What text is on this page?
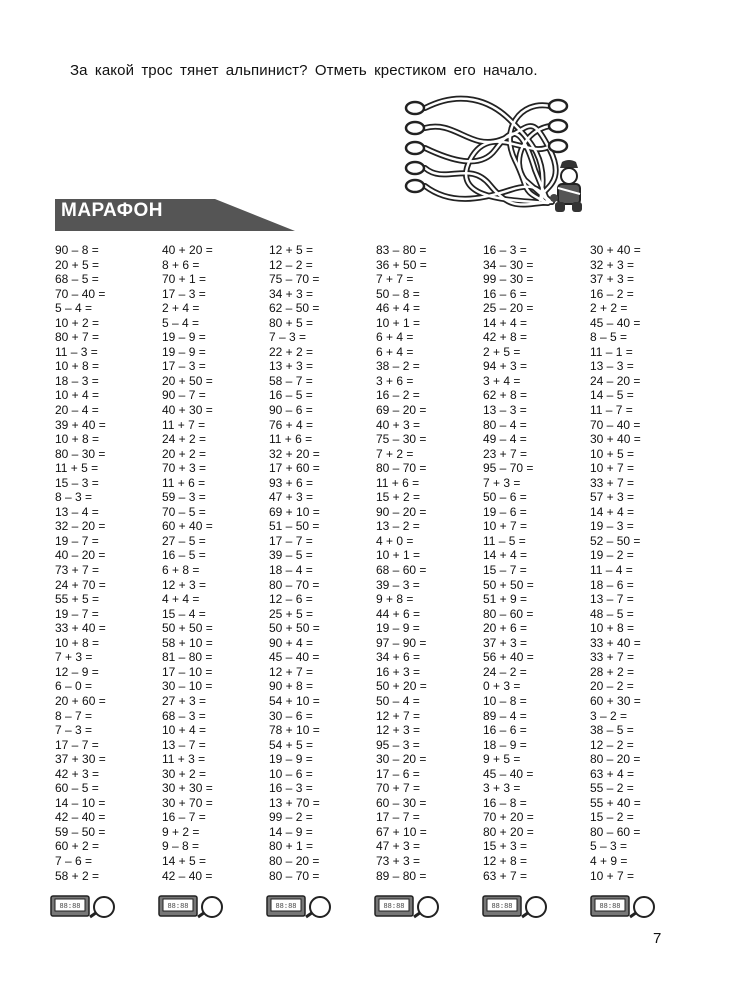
За какой трос тянет альпинист? Отметь крестиком его начало.
МАРАФОН
90 – 8 =
20 + 5 =
68 – 5 =
70 – 40 =
5 – 4 =
10 + 2 =
80 + 7 =
11 – 3 =
10 + 8 =
18 – 3 =
10 + 4 =
20 – 4 =
39 + 40 =
10 + 8 =
80 – 30 =
11 + 5 =
15 – 3 =
8 – 3 =
13 – 4 =
32 – 20 =
19 – 7 =
40 – 20 =
73 + 7 =
24 + 70 =
55 + 5 =
19 – 7 =
33 + 40 =
10 + 8 =
7 + 3 =
12 – 9 =
6 – 0 =
20 + 60 =
8 – 7 =
7 – 3 =
17 – 7 =
37 + 30 =
42 + 3 =
60 – 5 =
14 – 10 =
42 – 40 =
59 – 50 =
60 + 2 =
7 – 6 =
58 + 2 =
40 + 20 =
8 + 6 =
70 + 1 =
17 – 3 =
2 + 4 =
5 – 4 =
19 – 9 =
19 – 9 =
17 – 3 =
20 + 50 =
90 – 7 =
40 + 30 =
11 + 7 =
24 + 2 =
20 + 2 =
70 + 3 =
11 + 6 =
59 – 3 =
70 – 5 =
60 + 40 =
27 – 5 =
16 – 5 =
6 + 8 =
12 + 3 =
4 + 4 =
15 – 4 =
50 + 50 =
58 + 10 =
81 – 80 =
17 – 10 =
30 – 10 =
27 + 3 =
68 – 3 =
10 + 4 =
13 – 7 =
11 + 3 =
30 + 2 =
30 + 30 =
30 + 70 =
16 – 7 =
9 + 2 =
9 – 8 =
14 + 5 =
42 – 40 =
12 + 5 =
12 – 2 =
75 – 70 =
34 + 3 =
62 – 50 =
80 + 5 =
7 – 3 =
22 + 2 =
13 + 3 =
58 – 7 =
16 – 5 =
90 – 6 =
76 + 4 =
11 + 6 =
32 + 20 =
17 + 60 =
93 + 6 =
47 + 3 =
69 + 10 =
51 – 50 =
17 – 7 =
39 – 5 =
18 – 4 =
80 – 70 =
12 – 6 =
25 + 5 =
50 + 50 =
90 + 4 =
45 – 40 =
12 + 7 =
90 + 8 =
54 + 10 =
30 – 6 =
78 + 10 =
54 + 5 =
19 – 9 =
10 – 6 =
16 – 3 =
13 + 70 =
99 – 2 =
14 – 9 =
80 + 1 =
80 – 20 =
80 – 70 =
83 – 80 =
36 + 50 =
7 + 7 =
50 – 8 =
46 + 4 =
10 + 1 =
6 + 4 =
6 + 4 =
38 – 2 =
3 + 6 =
16 – 2 =
69 – 20 =
40 + 3 =
75 – 30 =
7 + 2 =
80 – 70 =
11 + 6 =
15 + 2 =
90 – 20 =
13 – 2 =
4 + 0 =
10 + 1 =
68 – 60 =
39 – 3 =
9 + 8 =
44 + 6 =
19 – 9 =
97 – 90 =
34 + 6 =
16 + 3 =
50 + 20 =
50 – 4 =
12 + 7 =
12 + 3 =
95 – 3 =
30 – 20 =
17 – 6 =
70 + 7 =
60 – 30 =
17 – 7 =
67 + 10 =
47 + 3 =
73 + 3 =
89 – 80 =
16 – 3 =
34 – 30 =
99 – 30 =
16 – 6 =
25 – 20 =
14 + 4 =
42 + 8 =
2 + 5 =
94 + 3 =
3 + 4 =
62 + 8 =
13 – 3 =
80 – 4 =
49 – 4 =
23 + 7 =
95 – 70 =
7 + 3 =
50 – 6 =
19 – 6 =
10 + 7 =
11 – 5 =
14 + 4 =
15 – 7 =
50 + 50 =
51 + 9 =
80 – 60 =
20 + 6 =
37 + 3 =
56 + 40 =
24 – 2 =
0 + 3 =
10 – 8 =
89 – 4 =
16 – 6 =
18 – 9 =
9 + 5 =
45 – 40 =
3 + 3 =
16 – 8 =
70 + 20 =
80 + 20 =
15 + 3 =
12 + 8 =
63 + 7 =
30 + 40 =
32 + 3 =
37 + 3 =
16 – 2 =
2 + 2 =
45 – 40 =
8 – 5 =
11 – 1 =
13 – 3 =
24 – 20 =
14 – 5 =
11 – 7 =
70 – 40 =
30 + 40 =
10 + 5 =
10 + 7 =
33 + 7 =
57 + 3 =
14 + 4 =
19 – 3 =
52 – 50 =
19 – 2 =
11 – 4 =
18 – 6 =
13 – 7 =
48 – 5 =
10 + 8 =
33 + 40 =
33 + 7 =
28 + 2 =
20 – 2 =
60 + 30 =
3 – 2 =
38 – 5 =
12 – 2 =
80 – 20 =
63 + 4 =
55 – 2 =
55 + 40 =
15 – 2 =
80 – 60 =
5 – 3 =
4 + 9 =
10 + 7 =
88:88	88:88	88:88	88:88	88:88	88:88
7
